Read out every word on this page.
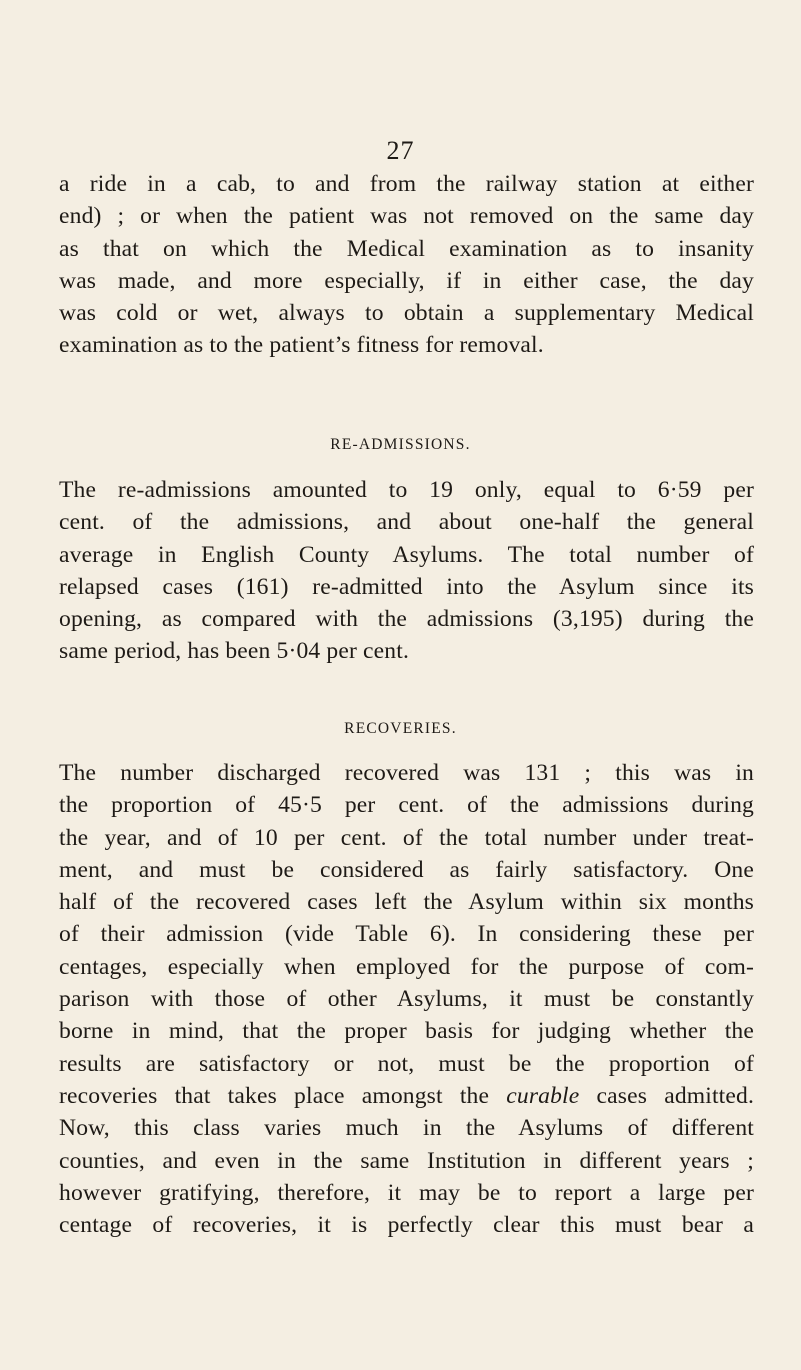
27
a ride in a cab, to and from the railway station at either
end) ; or when the patient was not removed on the same day
as that on which the Medical examination as to insanity
was made, and more especially, if in either case, the day
was cold or wet, always to obtain a supplementary Medical
examination as to the patient’s fitness for removal.
RE-ADMISSIONS.
The re-admissions amounted to 19 only, equal to 6·59 per
cent. of the admissions, and about one-half the general
average in English County Asylums. The total number of
relapsed cases (161) re-admitted into the Asylum since its
opening, as compared with the admissions (3,195) during the
same period, has been 5·04 per cent.
RECOVERIES.
The number discharged recovered was 131 ; this was in
the proportion of 45·5 per cent. of the admissions during
the year, and of 10 per cent. of the total number under treat-
ment, and must be considered as fairly satisfactory. One
half of the recovered cases left the Asylum within six months
of their admission (vide Table 6). In considering these per
centages, especially when employed for the purpose of com-
parison with those of other Asylums, it must be constantly
borne in mind, that the proper basis for judging whether the
results are satisfactory or not, must be the proportion of
recoveries that takes place amongst the curable cases admitted.
Now, this class varies much in the Asylums of different
counties, and even in the same Institution in different years ;
however gratifying, therefore, it may be to report a large per
centage of recoveries, it is perfectly clear this must bear a
